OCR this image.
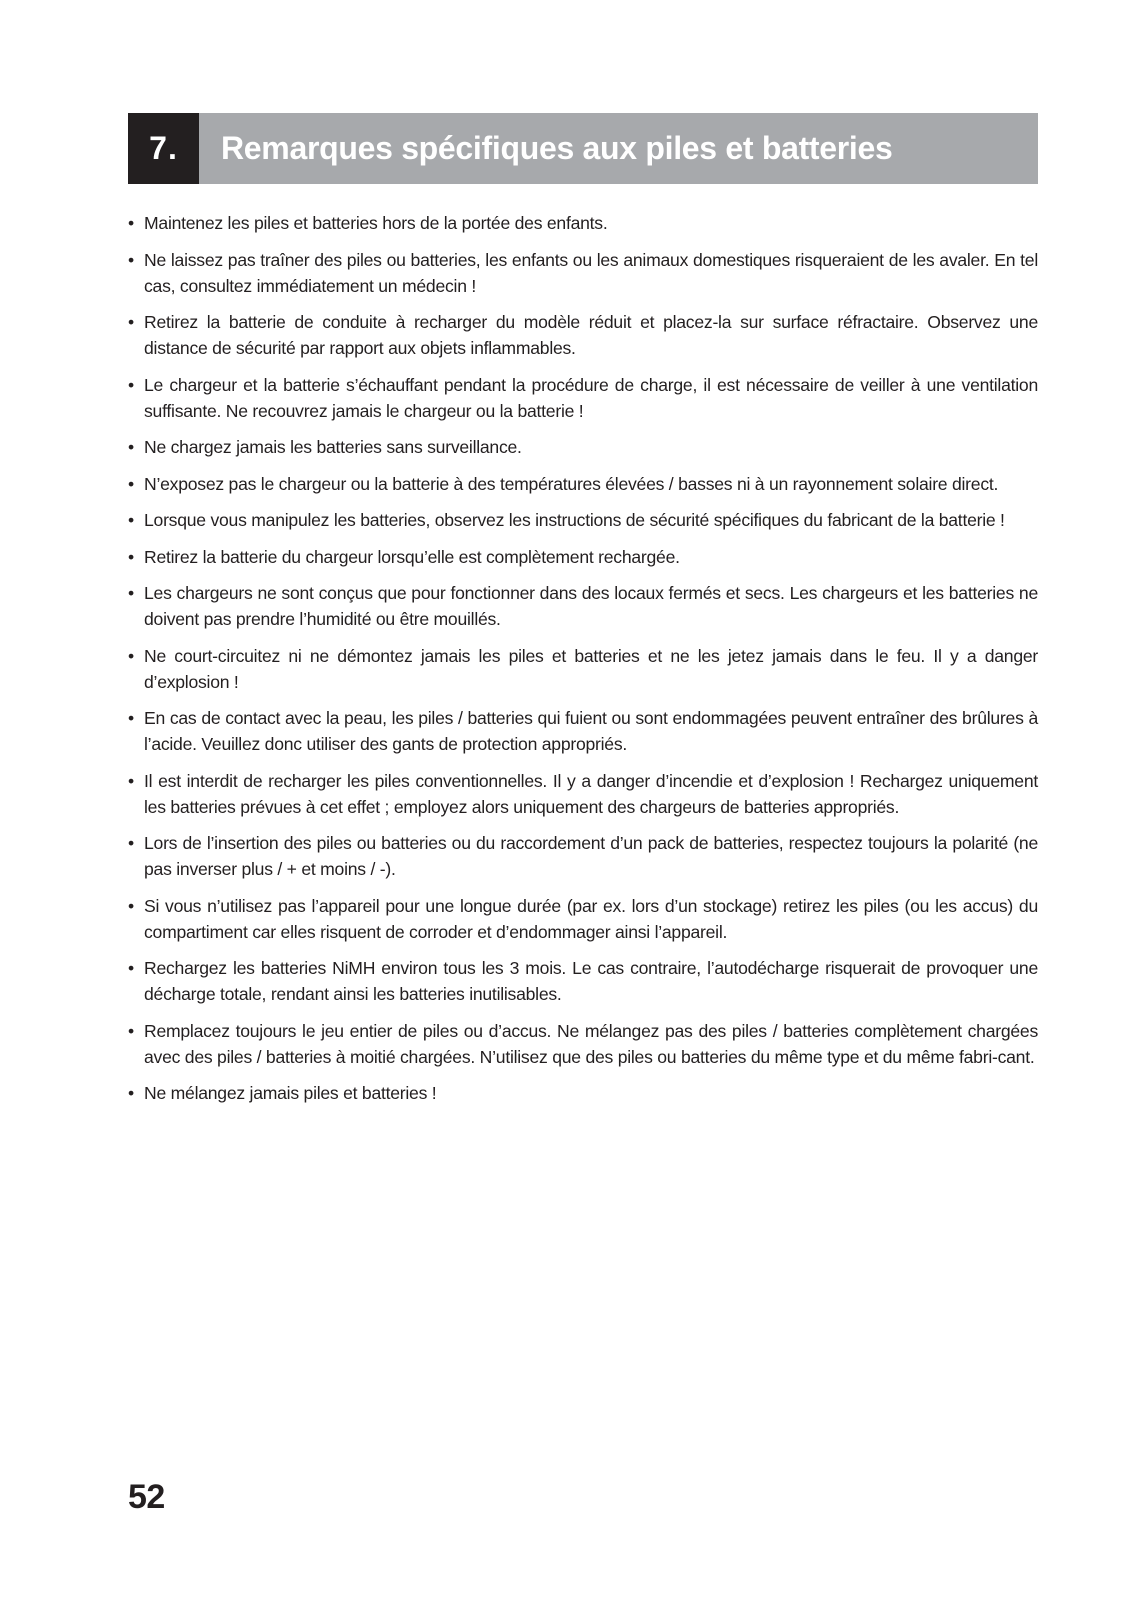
7.	Remarques spécifiques aux piles et batteries
• Maintenez les piles et batteries hors de la portée des enfants.
• Ne laissez pas traîner des piles ou batteries, les enfants ou les animaux domestiques risqueraient de les avaler. En tel cas, consultez immédiatement un médecin !
• Retirez la batterie de conduite à recharger du modèle réduit et placez-la sur surface réfractaire. Observez une distance de sécurité par rapport aux objets inflammables.
• Le chargeur et la batterie s’échauffant pendant la procédure de charge, il est nécessaire de veiller à une ventilation suffisante. Ne recouvrez jamais le chargeur ou la batterie !
• Ne chargez jamais les batteries sans surveillance.
• N’exposez pas le chargeur ou la batterie à des températures élevées / basses ni à un rayonnement solaire direct.
• Lorsque vous manipulez les batteries, observez les instructions de sécurité spécifiques du fabricant de la batterie !
• Retirez la batterie du chargeur lorsqu’elle est complètement rechargée.
• Les chargeurs ne sont conçus que pour fonctionner dans des locaux fermés et secs. Les chargeurs et les batteries ne doivent pas prendre l’humidité ou être mouillés.
• Ne court-circuitez ni ne démontez jamais les piles et batteries et ne les jetez jamais dans le feu. Il y a danger d’explosion !
• En cas de contact avec la peau, les piles / batteries qui fuient ou sont endommagées peuvent entraîner des brûlures à l’acide. Veuillez donc utiliser des gants de protection appropriés.
• Il est interdit de recharger les piles conventionnelles. Il y a danger d’incendie et d’explosion ! Rechargez uniquement les batteries prévues à cet effet ; employez alors uniquement des chargeurs de batteries appropriés.
• Lors de l’insertion des piles ou batteries ou du raccordement d’un pack de batteries, respectez toujours la polarité (ne pas inverser plus / + et moins / -).
• Si vous n’utilisez pas l’appareil pour une longue durée (par ex. lors d’un stockage) retirez les piles (ou les accus) du compartiment car elles risquent de corroder et d’endommager ainsi l’appareil.
• Rechargez les batteries NiMH environ tous les 3 mois. Le cas contraire, l’autodécharge risquerait de provoquer une décharge totale, rendant ainsi les batteries inutilisables.
• Remplacez toujours le jeu entier de piles ou d’accus. Ne mélangez pas des piles / batteries complètement chargées avec des piles / batteries à moitié chargées. N’utilisez que des piles ou batteries du même type et du même fabri-cant.
• Ne mélangez jamais piles et batteries !
52
